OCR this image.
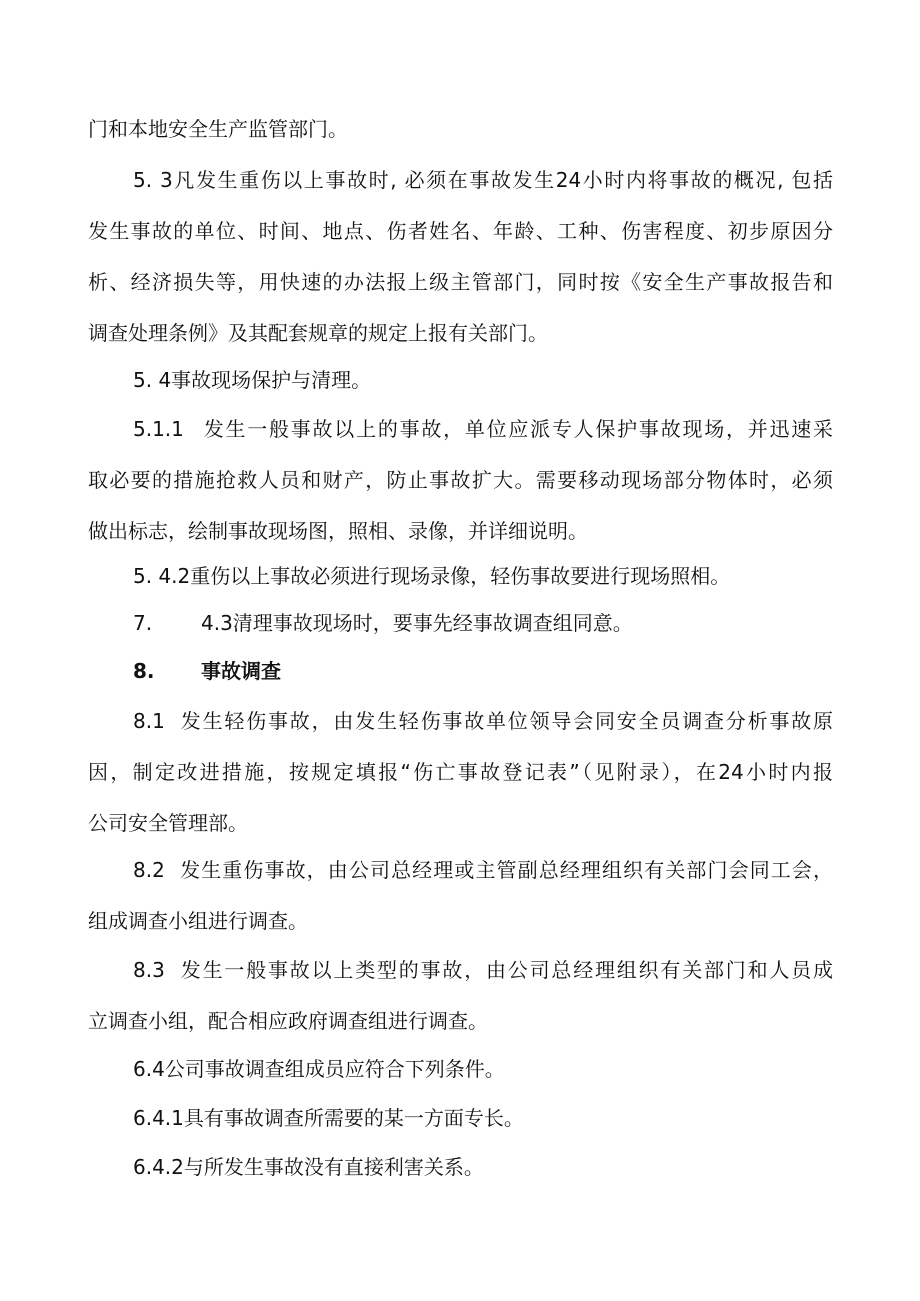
门和本地安全生产监管部门。
5. 3凡发生重伤以上事故时, 必须在事故发生24小时内将事故的概况, 包括
发生事故的单位、时间、地点、伤者姓名、年龄、工种、伤害程度、初步原因分
析、经济损失等，用快速的办法报上级主管部门，同时按《安全生产事故报告和
调查处理条例》及其配套规章的规定上报有关部门。
5. 4事故现场保护与清理。
5.1.1 发生一般事故以上的事故，单位应派专人保护事故现场，并迅速采
取必要的措施抢救人员和财产，防止事故扩大。需要移动现场部分物体时，必须
做出标志，绘制事故现场图，照相、录像，并详细说明。
5. 4.2重伤以上事故必须进行现场录像，轻伤事故要进行现场照相。
7. 4.3清理事故现场时，要事先经事故调查组同意。
8. 事故调查
8.1 发生轻伤事故，由发生轻伤事故单位领导会同安全员调查分析事故原
因，制定改进措施，按规定填报“伤亡事故登记表”（见附录），在24小时内报
公司安全管理部。
8.2 发生重伤事故，由公司总经理或主管副总经理组织有关部门会同工会，
组成调查小组进行调查。
8.3 发生一般事故以上类型的事故，由公司总经理组织有关部门和人员成
立调查小组，配合相应政府调查组进行调查。
6.4公司事故调查组成员应符合下列条件。
6.4.1具有事故调查所需要的某一方面专长。
6.4.2与所发生事故没有直接利害关系。
